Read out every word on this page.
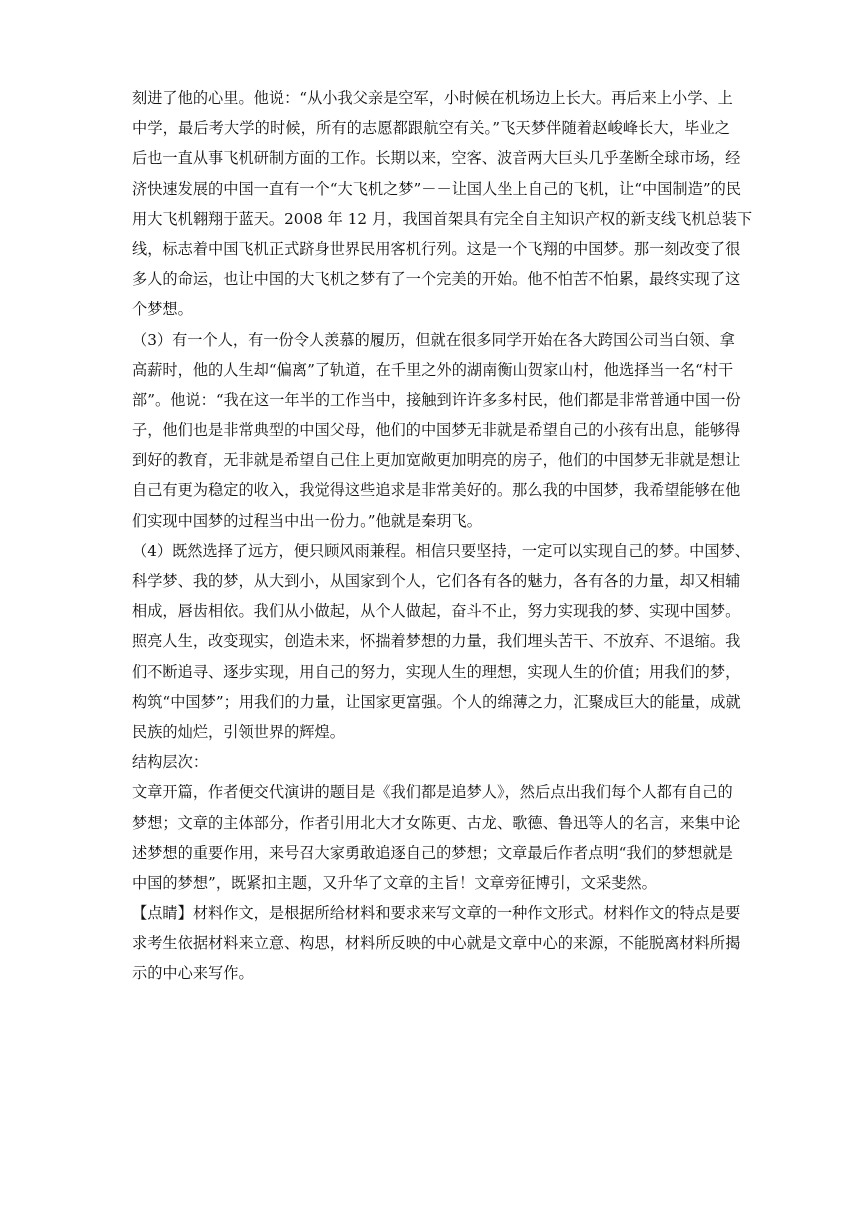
刻进了他的心里。他说：“从小我父亲是空军，小时候在机场边上长大。再后来上小学、上
中学，最后考大学的时候，所有的志愿都跟航空有关。”飞天梦伴随着赵峻峰长大，毕业之
后也一直从事飞机研制方面的工作。长期以来，空客、波音两大巨头几乎垄断全球市场，经
济快速发展的中国一直有一个“大飞机之梦”－－让国人坐上自己的飞机，让“中国制造”的民
用大飞机翱翔于蓝天。2008 年 12 月，我国首架具有完全自主知识产权的新支线飞机总装下
线，标志着中国飞机正式跻身世界民用客机行列。这是一个飞翔的中国梦。那一刻改变了很
多人的命运，也让中国的大飞机之梦有了一个完美的开始。他不怕苦不怕累，最终实现了这
个梦想。
（3）有一个人，有一份令人羡慕的履历，但就在很多同学开始在各大跨国公司当白领、拿
高薪时，他的人生却“偏离”了轨道，在千里之外的湖南衡山贺家山村，他选择当一名“村干
部”。他说：“我在这一年半的工作当中，接触到许许多多村民，他们都是非常普通中国一份
子，他们也是非常典型的中国父母，他们的中国梦无非就是希望自己的小孩有出息，能够得
到好的教育，无非就是希望自己住上更加宽敞更加明亮的房子，他们的中国梦无非就是想让
自己有更为稳定的收入，我觉得这些追求是非常美好的。那么我的中国梦，我希望能够在他
们实现中国梦的过程当中出一份力。”他就是秦玥飞。
（4）既然选择了远方，便只顾风雨兼程。相信只要坚持，一定可以实现自己的梦。中国梦、
科学梦、我的梦，从大到小，从国家到个人，它们各有各的魅力，各有各的力量，却又相辅
相成，唇齿相依。我们从小做起，从个人做起，奋斗不止，努力实现我的梦、实现中国梦。
照亮人生，改变现实，创造未来，怀揣着梦想的力量，我们埋头苦干、不放弃、不退缩。我
们不断追寻、逐步实现，用自己的努力，实现人生的理想，实现人生的价值；用我们的梦，
构筑“中国梦”；用我们的力量，让国家更富强。个人的绵薄之力，汇聚成巨大的能量，成就
民族的灿烂，引领世界的辉煌。
结构层次：
文章开篇，作者便交代演讲的题目是《我们都是追梦人》，然后点出我们每个人都有自己的
梦想；文章的主体部分，作者引用北大才女陈更、古龙、歌德、鲁迅等人的名言，来集中论
述梦想的重要作用，来号召大家勇敢追逐自己的梦想；文章最后作者点明“我们的梦想就是
中国的梦想”，既紧扣主题，又升华了文章的主旨！文章旁征博引，文采斐然。
【点睛】材料作文，是根据所给材料和要求来写文章的一种作文形式。材料作文的特点是要
求考生依据材料来立意、构思，材料所反映的中心就是文章中心的来源，不能脱离材料所揭
示的中心来写作。
